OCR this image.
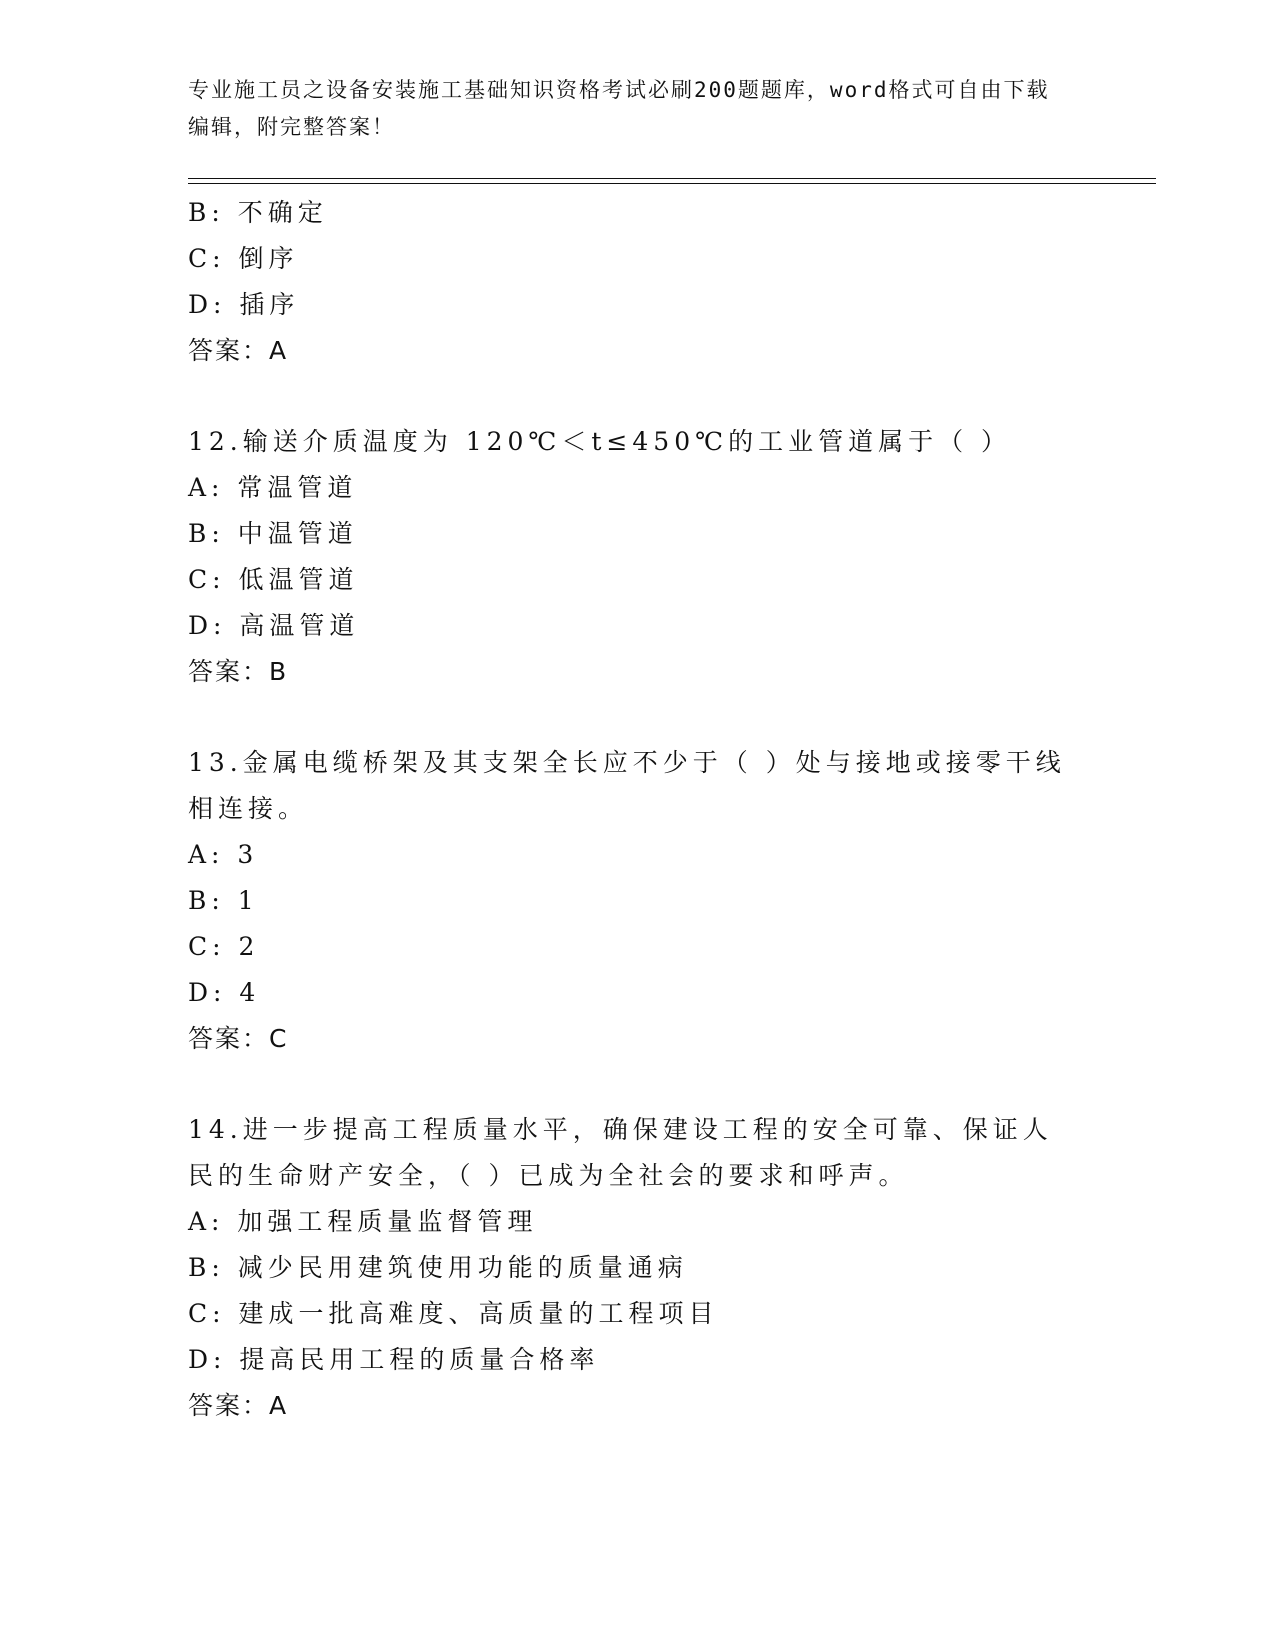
专业施工员之设备安装施工基础知识资格考试必刷200题题库，word格式可自由下载编辑，附完整答案！
B: 不确定
C: 倒序
D: 插序
答案：A
12.输送介质温度为 120℃＜t≤450℃的工业管道属于（ ）
A: 常温管道
B: 中温管道
C: 低温管道
D: 高温管道
答案：B
13.金属电缆桥架及其支架全长应不少于（ ）处与接地或接零干线相连接。
A: 3
B: 1
C: 2
D: 4
答案：C
14.进一步提高工程质量水平，确保建设工程的安全可靠、保证人民的生命财产安全，（ ）已成为全社会的要求和呼声。
A: 加强工程质量监督管理
B: 减少民用建筑使用功能的质量通病
C: 建成一批高难度、高质量的工程项目
D: 提高民用工程的质量合格率
答案：A
